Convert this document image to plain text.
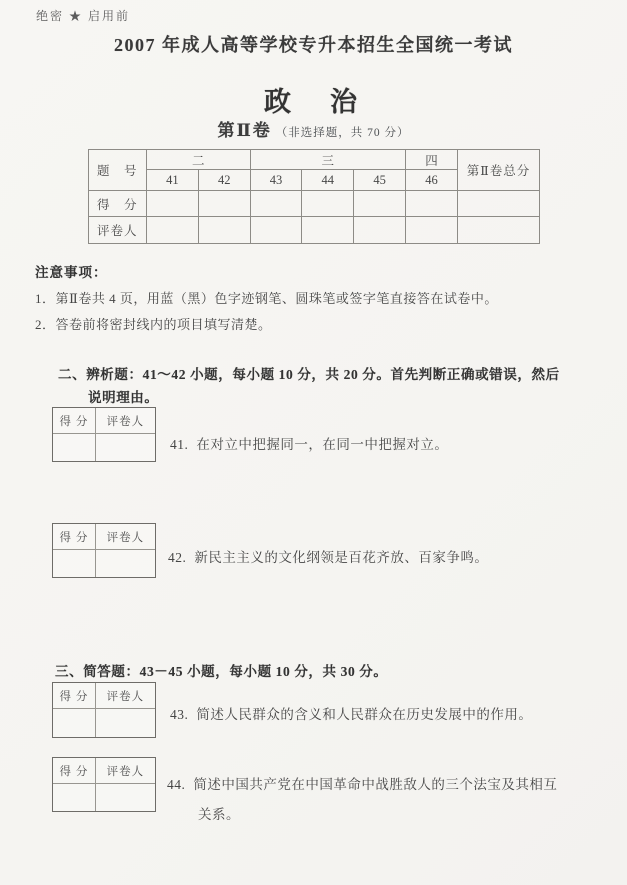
绝密 ★ 启用前
2007 年成人高等学校专升本招生全国统一考试
政　治
第Ⅱ卷 （非选择题，共 70 分）
题　号	二		三			四	第Ⅱ卷总分
	41	42	43	44	45	46	
得　分							
评卷人							
注意事项：
1．第Ⅱ卷共 4 页，用蓝（黑）色字迹钢笔、圆珠笔或签字笔直接答在试卷中。
2．答卷前将密封线内的项目填写清楚。
二、辨析题：41～42 小题，每小题 10 分，共 20 分。首先判断正确或错误，然后说明理由。
得 分	评卷人
41. 在对立中把握同一，在同一中把握对立。
得 分	评卷人
42. 新民主主义的文化纲领是百花齐放、百家争鸣。
三、简答题：43－45 小题，每小题 10 分，共 30 分。
得 分	评卷人
43. 简述人民群众的含义和人民群众在历史发展中的作用。
得 分	评卷人
44. 简述中国共产党在中国革命中战胜敌人的三个法宝及其相互关系。
